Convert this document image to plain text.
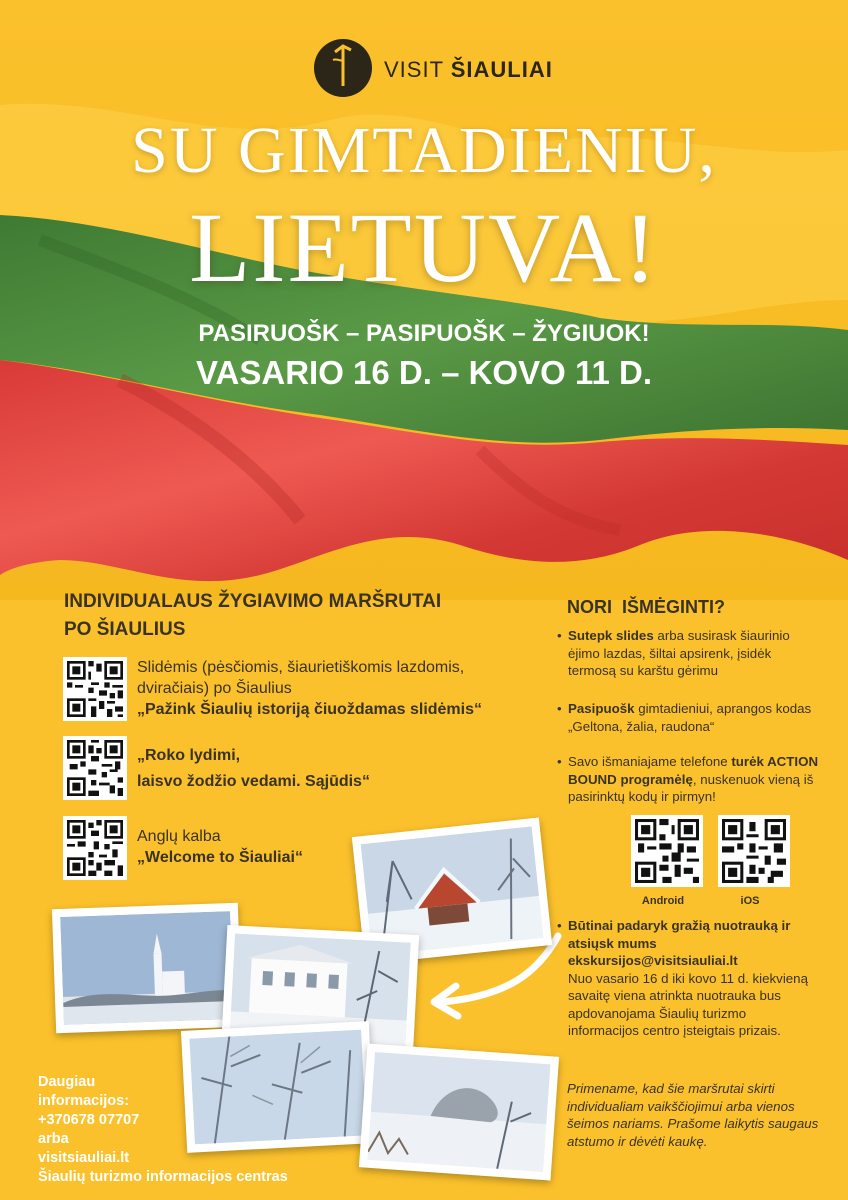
VISIT ŠIAULIAI
SU GIMTADIENIU,
LIETUVA!
PASIRUOŠK – PASIPUOŠK – ŽYGIUOK!
VASARIO 16 D. – KOVO 11 D.
INDIVIDUALAUS ŽYGIAVIMO MARŠRUTAI
PO ŠIAULIUS
Slidėmis (pėsčiomis, šiaurietiškomis lazdomis,
dviračiais) po Šiaulius
„Pažink Šiaulių istoriją čiuoždamas slidėmis“
„Roko lydimi,
laisvo žodžio vedami. Sąjūdis“
Anglų kalba
„Welcome to Šiauliai“
NORI  IŠMĖGINTI?
• Sutepk slides arba susirask šiaurinio ėjimo lazdas, šiltai apsirenk, įsidėk termosą su karštu gėrimu
• Pasipuošk gimtadieniui, aprangos kodas „Geltona, žalia, raudona“
• Savo išmaniajame telefone turėk ACTION BOUND programėlę, nuskenuok vieną iš pasirinktų kodų ir pirmyn!
Android	iOS
• Būtinai padaryk gražią nuotrauką ir atsiųsk mums ekskursijos@visitsiauliai.lt
Nuo vasario 16 d iki kovo 11 d. kiekvieną savaitę viena atrinkta nuotrauka bus apdovanojama Šiaulių turizmo informacijos centro įsteigtais prizais.
Primename, kad šie maršrutai skirti individualiam vaikščiojimui arba vienos šeimos nariams. Prašome laikytis saugaus atstumo ir dėvėti kaukę.
Daugiau
informacijos:
+370678 07707
arba
visitsiauliai.lt
Šiaulių turizmo informacijos centras
